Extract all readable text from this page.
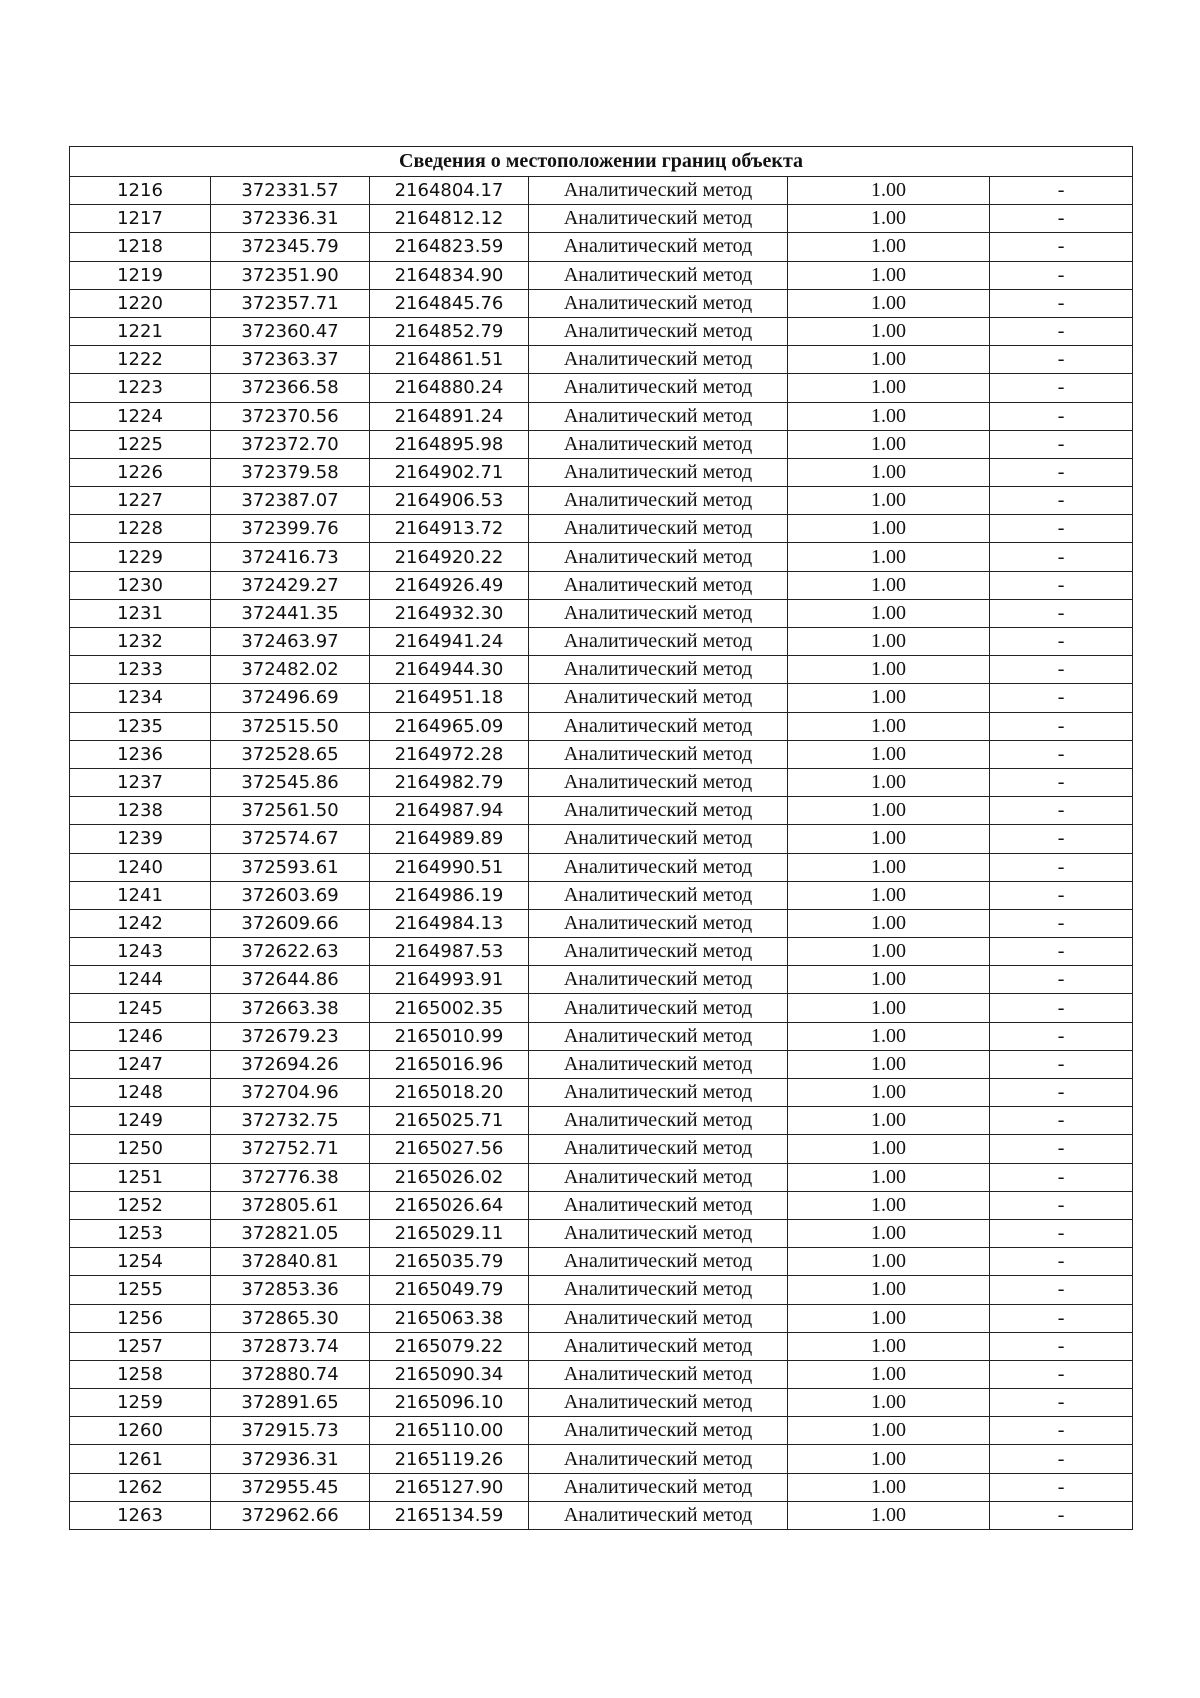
Сведения о местоположении границ объекта					
1216	372331.57	2164804.17	Аналитический метод	1.00	-
1217	372336.31	2164812.12	Аналитический метод	1.00	-
1218	372345.79	2164823.59	Аналитический метод	1.00	-
1219	372351.90	2164834.90	Аналитический метод	1.00	-
1220	372357.71	2164845.76	Аналитический метод	1.00	-
1221	372360.47	2164852.79	Аналитический метод	1.00	-
1222	372363.37	2164861.51	Аналитический метод	1.00	-
1223	372366.58	2164880.24	Аналитический метод	1.00	-
1224	372370.56	2164891.24	Аналитический метод	1.00	-
1225	372372.70	2164895.98	Аналитический метод	1.00	-
1226	372379.58	2164902.71	Аналитический метод	1.00	-
1227	372387.07	2164906.53	Аналитический метод	1.00	-
1228	372399.76	2164913.72	Аналитический метод	1.00	-
1229	372416.73	2164920.22	Аналитический метод	1.00	-
1230	372429.27	2164926.49	Аналитический метод	1.00	-
1231	372441.35	2164932.30	Аналитический метод	1.00	-
1232	372463.97	2164941.24	Аналитический метод	1.00	-
1233	372482.02	2164944.30	Аналитический метод	1.00	-
1234	372496.69	2164951.18	Аналитический метод	1.00	-
1235	372515.50	2164965.09	Аналитический метод	1.00	-
1236	372528.65	2164972.28	Аналитический метод	1.00	-
1237	372545.86	2164982.79	Аналитический метод	1.00	-
1238	372561.50	2164987.94	Аналитический метод	1.00	-
1239	372574.67	2164989.89	Аналитический метод	1.00	-
1240	372593.61	2164990.51	Аналитический метод	1.00	-
1241	372603.69	2164986.19	Аналитический метод	1.00	-
1242	372609.66	2164984.13	Аналитический метод	1.00	-
1243	372622.63	2164987.53	Аналитический метод	1.00	-
1244	372644.86	2164993.91	Аналитический метод	1.00	-
1245	372663.38	2165002.35	Аналитический метод	1.00	-
1246	372679.23	2165010.99	Аналитический метод	1.00	-
1247	372694.26	2165016.96	Аналитический метод	1.00	-
1248	372704.96	2165018.20	Аналитический метод	1.00	-
1249	372732.75	2165025.71	Аналитический метод	1.00	-
1250	372752.71	2165027.56	Аналитический метод	1.00	-
1251	372776.38	2165026.02	Аналитический метод	1.00	-
1252	372805.61	2165026.64	Аналитический метод	1.00	-
1253	372821.05	2165029.11	Аналитический метод	1.00	-
1254	372840.81	2165035.79	Аналитический метод	1.00	-
1255	372853.36	2165049.79	Аналитический метод	1.00	-
1256	372865.30	2165063.38	Аналитический метод	1.00	-
1257	372873.74	2165079.22	Аналитический метод	1.00	-
1258	372880.74	2165090.34	Аналитический метод	1.00	-
1259	372891.65	2165096.10	Аналитический метод	1.00	-
1260	372915.73	2165110.00	Аналитический метод	1.00	-
1261	372936.31	2165119.26	Аналитический метод	1.00	-
1262	372955.45	2165127.90	Аналитический метод	1.00	-
1263	372962.66	2165134.59	Аналитический метод	1.00	-
